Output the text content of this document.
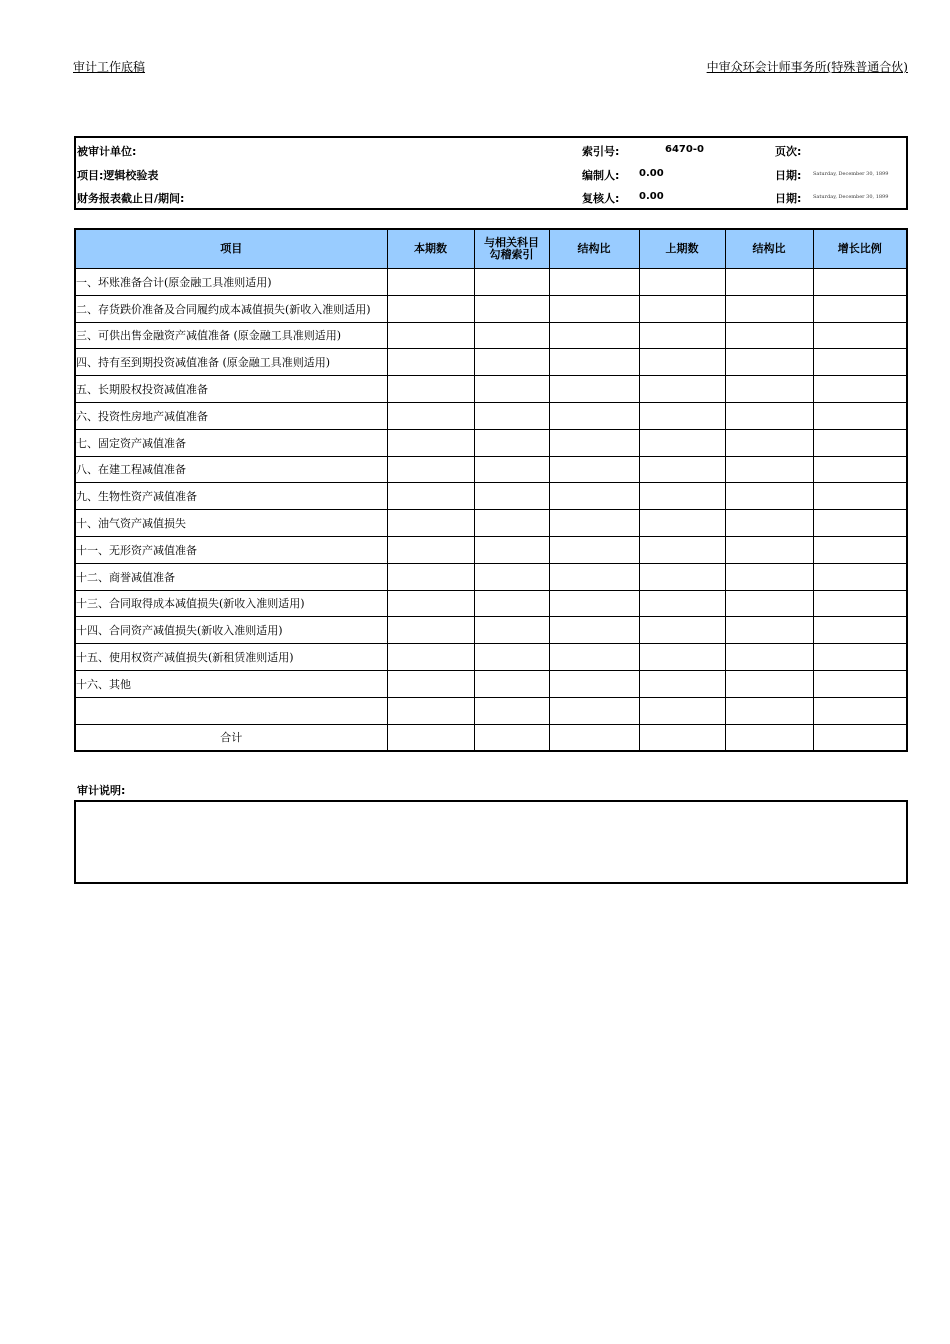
审计工作底稿	中审众环会计师事务所(特殊普通合伙)
被审计单位:	索引号:	6470-0	页次:
项目:逻辑校验表	编制人: 0.00	日期: Saturday, December 30, 1899
财务报表截止日/期间:	复核人: 0.00	日期: Saturday, December 30, 1899
项目	本期数	与相关科目勾稽索引	结构比	上期数	结构比	增长比例
一、坏账准备合计(原金融工具准则适用)						
二、存货跌价准备及合同履约成本减值损失(新收入准则适用)						
三、可供出售金融资产减值准备 (原金融工具准则适用)						
四、持有至到期投资减值准备 (原金融工具准则适用)						
五、长期股权投资减值准备						
六、投资性房地产减值准备						
七、固定资产减值准备						
八、在建工程减值准备						
九、生物性资产减值准备						
十、油气资产减值损失						
十一、无形资产减值准备						
十二、商誉减值准备						
十三、合同取得成本减值损失(新收入准则适用)						
十四、合同资产减值损失(新收入准则适用)						
十五、使用权资产减值损失(新租赁准则适用)						
十六、其他						

合计						
审计说明:
